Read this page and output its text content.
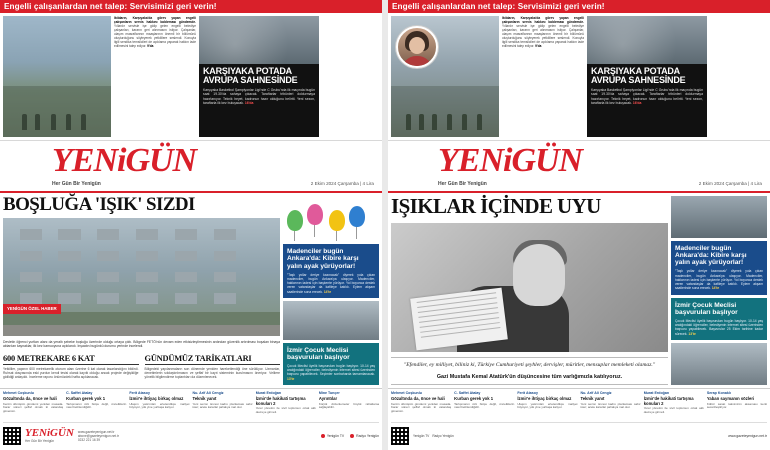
Engelli çalışanlardan net talep: Servisimizi geri verin!
İktidarın, Karşıyaka'da görev yapan engelli çalışanların servis hakkını kaldırması gündemde. Yıllardır servisle işe gidip gelen engelli belediye çalışanları, kararın geri alınmasını istiyor. Çalışanlar, ulaşım masraflarının maaşlarının önemli bir bölümünü oluşturduğunu söyleyerek yetkililere seslendi. Konuyla ilgili sendika temsilcileri de açıklama yaparak hakkın iade edilmesini talep ediyor. 9'da
KARŞIYAKA POTADA AVRUPA SAHNESİNDE
Karşıyaka Basketbol Şampiyonlar Ligi'nde C Grubu'nda ilk maçında bugün saat 19.30'da sahaya çıkacak. Taraftarlar tribünleri doldurmaya hazırlanıyor. Teknik heyet, kadronun hazır olduğunu belirtti. Yeni sezon, taraftarla ilk kez buluşacak. 16'da
YENiGÜN
Her Gün Bir Yenigün	2 Ekim 2024 Çarşamba | 4 Lira
BOŞLUĞA 'IŞIK' SIZDI
YENİGÜN ÖZEL HABER
Devletin öğrenci yurtları alanı da yeraltı şebeke boşluğu üzerinde olduğu ortaya çıktı. Bölgede FETÖ'nün devam eden etkisizleştirmesinin ardından güvenlik artırılması boşalan binaya aktarılan kaynaklar, ilk kez kamuoyuna açıklandı. İnşaatın bugünkü durumu yerinde incelendi.
600 METREKARE 6 KAT
Yetkililer, yapının 600 metrekarelik oturum alanı üzerine 6 kat olarak tasarlandığını bildirdi. Ruhsat dosyasında eski yurdun kendi tesisi olarak kayıtlı olduğu ancak projede değişikliğe gidildiği anlaşıldı. İnceleme raporu önümüzdeki hafta açıklanacak.
GÜNDÜMÜZ TARİKATLARI
Bölgedeki yapılanmaların son dönemde yeniden hareketlendiği öne sürülüyor. Uzmanlar, denetimlerin sıkılaştırılmasını ve şeffaf bir kayıt sisteminin kurulmasını öneriyor. Velilere yönelik bilgilendirme toplantıları da düzenlenecek.
Madenciler bugün Ankara'da: Kibire karşı yalın ayak yürüyorlar!
"Taşlı yollar deriye kazınacak" diyerek yola çıkan madenciler, bugün Ankara'ya ulaşıyor. Madenciler, haklarının iadesi için başkente yürüyor. Yol boyunca destek veren vatandaşlar da kafileye katıldı. Eylem akşam saatlerinde sona erecek. 14'te
İzmir Çocuk Meclisi başvuruları başlıyor
Çocuk Meclisi üyelik başvuruları bugün başlıyor. 10-14 yaş aralığındaki öğrenciler, belediyenin internet sitesi üzerinden başvuru yapabilecek. Seçimler sonbaharda tamamlanacak. 13'te
Mehmet Coşkunlu
Gözaltında da, önce ve hali
Kentin dönüşüm gündemi yeniden masada. Karar süreci şeffaf olmalı ki vatandaş güvensin.
C. Saffet Atalay
Kurban gerek yok 1
Tartışmanın özü bütçe değil, önceliklerin nasıl belirlendiğidir.
Ferit Atasoy
İzmir'e ihtiyaç birkaç olmaz
Ulaşım yatırımları ertelendikçe maliyet büyüyor, yük yine yurttaşa kalıyor.
Nu. Arif Ali Cengiz
Teknik yanıt
Yeni sezon öncesi kadro planlaması sabır ister; acele kararlar pahalıya mal olur.
Murat Erdoğan
İzmir'de hakikati tartışma konuları 2
Yerel yönetim ile sivil toplumun ortak aklı devreye girmeli.
Mine Tunçer
Ayrıntılar
Küçük düzenlemeler büyük rahatlama sağlayabilir.
YENiGÜN
Her Gün Bir Yenigün
www.gazeteyenigun.net.tr
abone@gazeteyenigun.net.tr
0232 221 16 39
Yenigün TV	Radyo Yenigün
Engelli çalışanlardan net talep: Servisimizi geri verin!
İktidarın, Karşıyaka'da görev yapan engelli çalışanların servis hakkını kaldırması gündemde. Yıllardır servisle işe gidip gelen engelli belediye çalışanları, kararın geri alınmasını istiyor. Çalışanlar, ulaşım masraflarının maaşlarının önemli bir bölümünü oluşturduğunu söyleyerek yetkililere seslendi. Konuyla ilgili sendika temsilcileri de açıklama yaparak hakkın iade edilmesini talep ediyor. 9'da
KARŞIYAKA POTADA AVRUPA SAHNESİNDE
Karşıyaka Basketbol Şampiyonlar Ligi'nde C Grubu'nda ilk maçında bugün saat 19.30'da sahaya çıkacak. Taraftarlar tribünleri doldurmaya hazırlanıyor. Teknik heyet, kadronun hazır olduğunu belirtti. Yeni sezon, taraftarla ilk kez buluşacak. 16'da
YENiGÜN
Her Gün Bir Yenigün	2 Ekim 2024 Çarşamba | 4 Lira
IŞIKLAR İÇİNDE UYU
"Efendiler, ey milliyet, biliniz ki, Türkiye Cumhuriyeti şeyhler, dervişler, müritler, mensuplar memleketi olamaz."
Gazi Mustafa Kemal Atatürk'ün düşüncesine tüm varlığımızla katılıyoruz.
Madenciler bugün Ankara'da: Kibire karşı yalın ayak yürüyorlar!
"Taşlı yollar deriye kazınacak" diyerek yola çıkan madenciler, bugün Ankara'ya ulaşıyor. Madenciler, haklarının iadesi için başkente yürüyor. Yol boyunca destek veren vatandaşlar da kafileye katıldı. Eylem akşam saatlerinde sona erecek. 14'te
İzmir Çocuk Meclisi başvuruları başlıyor
Çocuk Meclisi üyelik başvuruları bugün başlıyor. 10-14 yaş aralığındaki öğrenciler, belediyenin internet sitesi üzerinden başvuru yapabilecek. Başvurular 25 Ekim tarihine kadar sürecek. 13'te
Mehmet Coşkunlu
Gözaltında da, önce ve hali
Kentin dönüşüm gündemi yeniden masada. Karar süreci şeffaf olmalı ki vatandaş güvensin.
C. Saffet Atalay
Kurban gerek yok 1
Tartışmanın özü bütçe değil, önceliklerin nasıl belirlendiğidir.
Ferit Atasoy
İzmir'e ihtiyaç birkaç olmaz
Ulaşım yatırımları ertelendikçe maliyet büyüyor, yük yine yurttaşa kalıyor.
Nu. Arif Ali Cengiz
Teknik yanıt
Yeni sezon öncesi kadro planlaması sabır ister; acele kararlar pahalıya mal olur.
Murat Erdoğan
İzmir'de hakikati tartışma konuları 2
Yerel yönetim ile sivil toplumun ortak aklı devreye girmeli.
Serap Konaklı
Yaban saymanın sözleri
Kültür sanat takviminin aksaması kenti sessizleştiriyor.
Yenigün TV Radyo Yenigün	www.gazeteyenigun.net.tr
